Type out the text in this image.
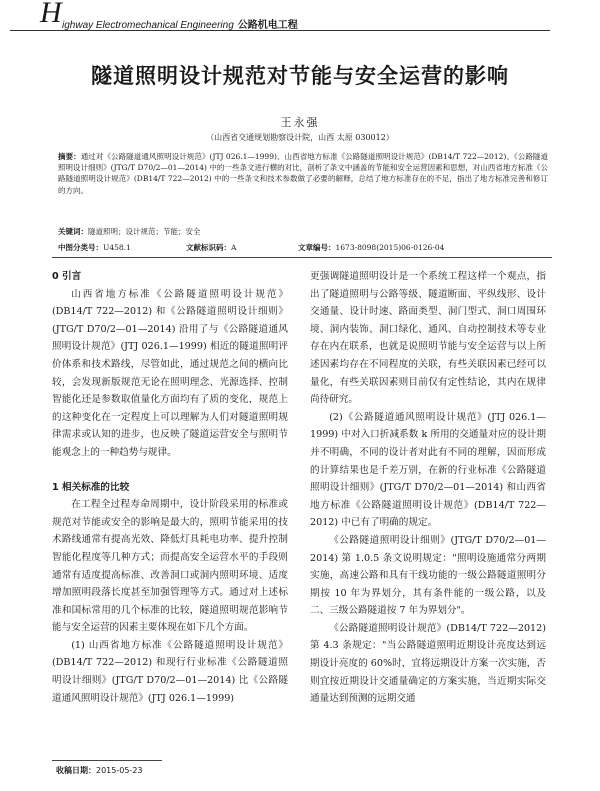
H ighway Electromechanical Engineering 公路机电工程
隧道照明设计规范对节能与安全运营的影响
王永强
（山西省交通规划勘察设计院，山西 太原 030012）
摘要：通过对《公路隧道通风照明设计规范》(JTJ 026.1—1999)、山西省地方标准《公路隧道照明设计规范》(DB14/T 722—2012)、《公路隧道照明设计细则》(JTG/T D70/2—01—2014) 中的一些条文进行横的对比，剖析了条文中涵盖的节能和安全运营因素和思想，对山西省地方标准《公路隧道照明设计规范》(DB14/T 722—2012) 中的一些条文和技术参数做了必要的解释，总结了地方标准存在的不足，指出了地方标准完善和修订的方向。
关键词：隧道照明；设计规范；节能；安全
中图分类号：U458.1	文献标识码：A	文章编号：1673-8098(2015)06-0126-04
0 引言

山西省地方标准《公路隧道照明设计规范》(DB14/T 722—2012) 和《公路隧道照明设计细则》(JTG/T D70/2—01—2014) 沿用了与《公路隧道通风照明设计规范》(JTJ 026.1—1999) 相近的隧道照明评价体系和技术路线，尽管如此，通过规范之间的横向比较，会发现新版规范无论在照明理念、光源选择、控制智能化还是参数取值量化方面均有了质的变化，规范上的这种变化在一定程度上可以理解为人们对隧道照明规律需求或认知的进步，也反映了隧道运营安全与照明节能观念上的一种趋势与规律。

1 相关标准的比较

在工程全过程寿命周期中，设计阶段采用的标准或规范对节能或安全的影响是最大的，照明节能采用的技术路线通常有提高光效、降低灯具耗电功率、提升控制智能化程度等几种方式；而提高安全运营水平的手段则通常有适度提高标准、改善洞口或洞内照明环境、适度增加照明段落长度甚至加强管理等方式。通过对上述标准和国标常用的几个标准的比较，隧道照明规范影响节能与安全运营的因素主要体现在如下几个方面。

(1) 山西省地方标准《公路隧道照明设计规范》(DB14/T 722—2012) 和现行行业标准《公路隧道照明设计细则》(JTG/T D70/2—01—2014) 比《公路隧道通风照明设计规范》(JTJ 026.1—1999)

更强调隧道照明设计是一个系统工程这样一个观点，指出了隧道照明与公路等级、隧道断面、平纵线形、设计交通量、设计时速、路面类型、洞门型式、洞口周围环境、洞内装饰、洞口绿化、通风、自动控制技术等专业存在内在联系，也就是说照明节能与安全运营与以上所述因素均存在不同程度的关联，有些关联因素已经可以量化，有些关联因素则目前仅有定性结论，其内在规律尚待研究。

(2)《公路隧道通风照明设计规范》(JTJ 026.1—1999) 中对入口折减系数 k 所用的交通量对应的设计期并不明确，不同的设计者对此有不同的理解，因而形成的计算结果也是千差万别，在新的行业标准《公路隧道照明设计细则》(JTG/T D70/2—01—2014) 和山西省地方标准《公路隧道照明设计规范》(DB14/T 722—2012) 中已有了明确的规定。

《公路隧道照明设计细则》(JTG/T D70/2—01—2014) 第 1.0.5 条文说明规定："照明设施通常分两期实施，高速公路和具有干线功能的一级公路隧道照明分期按 10 年为界划分，其有条件能的一级公路，以及二、三级公路隧道按 7 年为界划分"。

《公路隧道照明设计规范》(DB14/T 722—2012) 第 4.3 条规定："当公路隧道照明近期设计亮度达到远期设计亮度的 60%时，宜将远期设计方案一次实施，否则宜按近期设计交通量确定的方案实施，当近期实际交通量达到预测的远期交通

收稿日期：2015-05-23
